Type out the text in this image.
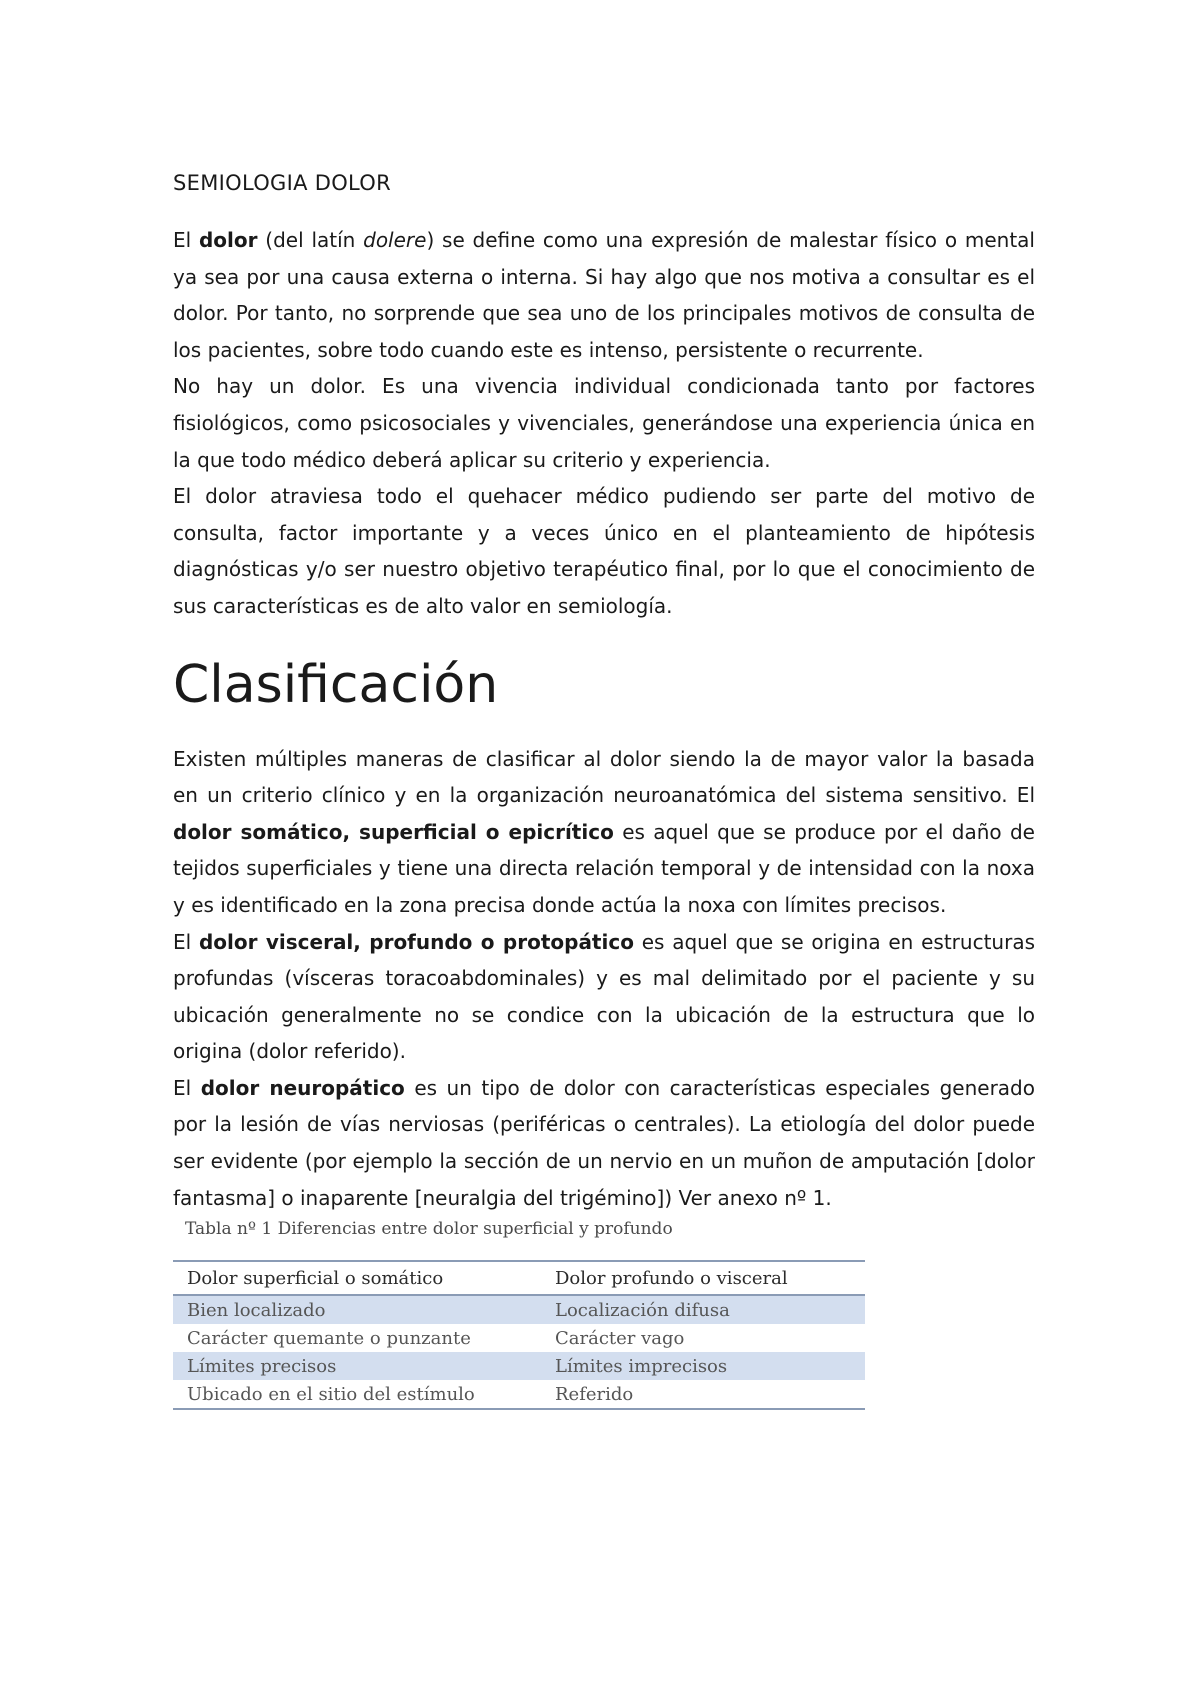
SEMIOLOGIA DOLOR

El dolor (del latín dolere) se define como una expresión de malestar físico o mental ya sea por una causa externa o interna. Si hay algo que nos motiva a consultar es el dolor. Por tanto, no sorprende que sea uno de los principales motivos de consulta de los pacientes, sobre todo cuando este es intenso, persistente o recurrente.

No hay un dolor. Es una vivencia individual condicionada tanto por factores fisiológicos, como psicosociales y vivenciales, generándose una experiencia única en la que todo médico deberá aplicar su criterio y experiencia.

El dolor atraviesa todo el quehacer médico pudiendo ser parte del motivo de consulta, factor importante y a veces único en el planteamiento de hipótesis diagnósticas y/o ser nuestro objetivo terapéutico final, por lo que el conocimiento de sus características es de alto valor en semiología.

Clasificación

Existen múltiples maneras de clasificar al dolor siendo la de mayor valor la basada en un criterio clínico y en la organización neuroanatómica del sistema sensitivo. El dolor somático, superficial o epicrítico es aquel que se produce por el daño de tejidos superficiales y tiene una directa relación temporal y de intensidad con la noxa y es identificado en la zona precisa donde actúa la noxa con límites precisos.

El dolor visceral, profundo o protopático es aquel que se origina en estructuras profundas (vísceras toracoabdominales) y es mal delimitado por el paciente y su ubicación generalmente no se condice con la ubicación de la estructura que lo origina (dolor referido).

El dolor neuropático es un tipo de dolor con características especiales generado por la lesión de vías nerviosas (periféricas o centrales). La etiología del dolor puede ser evidente (por ejemplo la sección de un nervio en un muñon de amputación [dolor fantasma] o inaparente [neuralgia del trigémino]) Ver anexo nº 1.

Tabla nº 1 Diferencias entre dolor superficial y profundo
Dolor superficial o somático	Dolor profundo o visceral
Bien localizado	Localización difusa
Carácter quemante o punzante	Carácter vago
Límites precisos	Límites imprecisos
Ubicado en el sitio del estímulo	Referido
